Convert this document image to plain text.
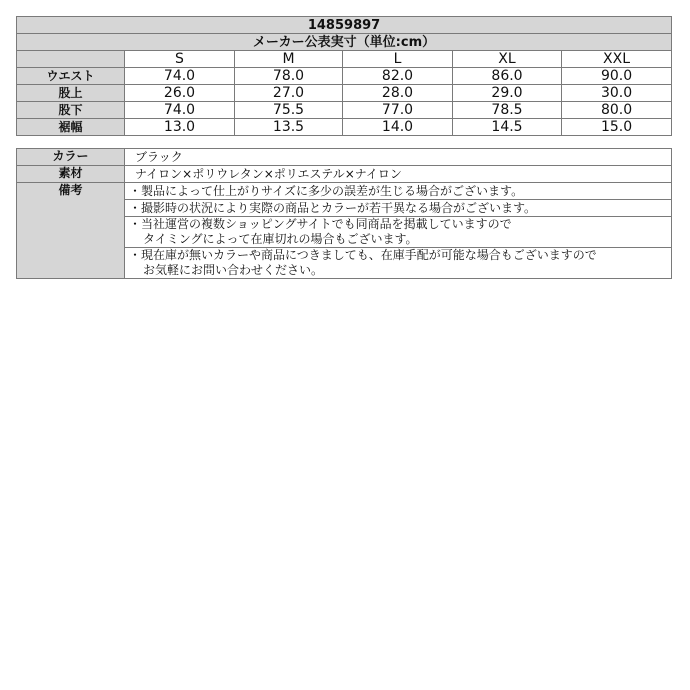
14859897					
メーカー公表実寸（単位:cm）					
	S	M	L	XL	XXL
ウエスト	74.0	78.0	82.0	86.0	90.0
股上	26.0	27.0	28.0	29.0	30.0
股下	74.0	75.5	77.0	78.5	80.0
裾幅	13.0	13.5	14.0	14.5	15.0
カラー	ブラック
素材	ナイロン×ポリウレタン×ポリエステル×ナイロン
備考	・製品によって仕上がりサイズに多少の誤差が生じる場合がございます。

	・撮影時の状況により実際の商品とカラーが若干異なる場合がございます。

	・当社運営の複数ショッピングサイトでも同商品を掲載していますので
タイミングによって在庫切れの場合もございます。

	・現在庫が無いカラーや商品につきましても、在庫手配が可能な場合もございますので
お気軽にお問い合わせください。
